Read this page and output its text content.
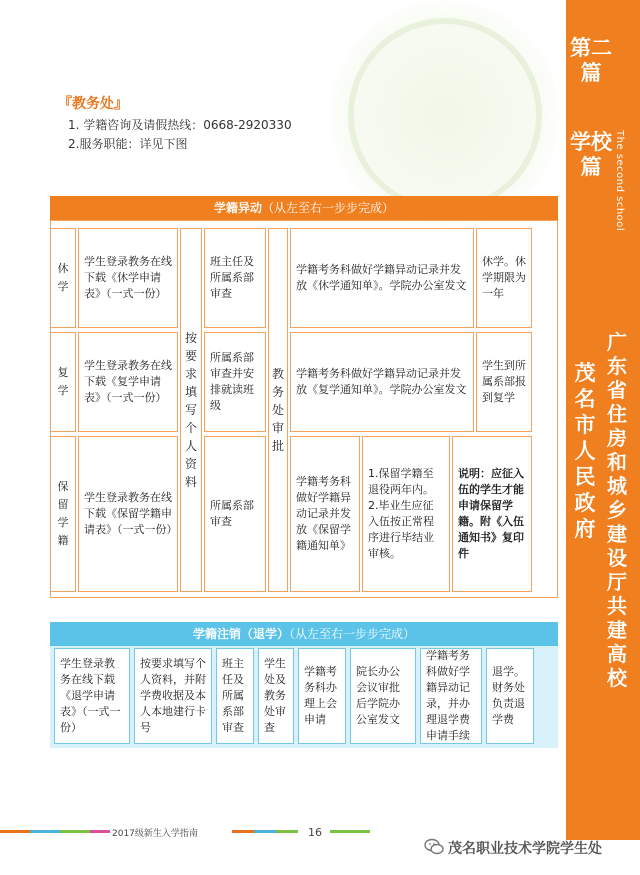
第二篇
学校篇	The second school
茂名市人民政府
广东省住房和城乡建设厅共建高校
『教务处』
1. 学籍咨询及请假热线：0668-2920330
2.服务职能：详见下图
学籍异动（从左至右一步步完成）
休学
复学
保留学籍
学生登录教务在线下载《休学申请表》（一式一份）
学生登录教务在线下载《复学申请表》（一式一份）
学生登录教务在线下载《保留学籍申请表》（一式一份）
按要求填写个人资料
班主任及所属系部审查
所属系部审查并安排就读班级
所属系部审查
教务处审批
学籍考务科做好学籍异动记录并发放《休学通知单》。学院办公室发文
学籍考务科做好学籍异动记录并发放《复学通知单》。学院办公室发文
学籍考务科做好学籍异动记录并发放《保留学籍通知单》
1.保留学籍至退役两年内。2.毕业生应征入伍按正常程序进行毕结业审核。
休学。休学期限为一年
学生到所属系部报到复学
说明：应征入伍的学生才能申请保留学籍。附《入伍通知书》复印件
学籍注销（退学）（从左至右一步步完成）
学生登录教务在线下载《退学申请表》（一式一份）
按要求填写个人资料，并附学费收据及本人本地建行卡号
班主任及所属系部审查
学生处及教务处审查
学籍考务科办理上会申请
院长办公会议审批后学院办公室发文
学籍考务科做好学籍异动记录，并办理退学费申请手续
退学。财务处负责退学费
2017级新生入学指南	16
茂名职业技术学院学生处
